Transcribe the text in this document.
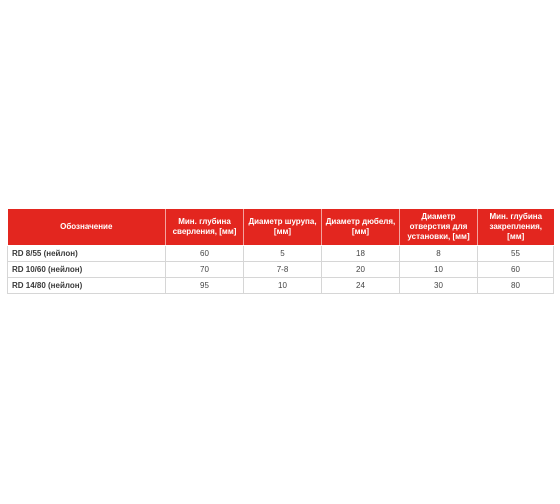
Обозначение	Мин. глубина сверления, [мм]	Диаметр шурупа, [мм]	Диаметр дюбеля, [мм]	Диаметр отверстия для установки, [мм]	Мин. глубина закрепления, [мм]
RD 8/55 (нейлон)	60	5	18	8	55
RD 10/60 (нейлон)	70	7-8	20	10	60
RD 14/80 (нейлон)	95	10	24	30	80
